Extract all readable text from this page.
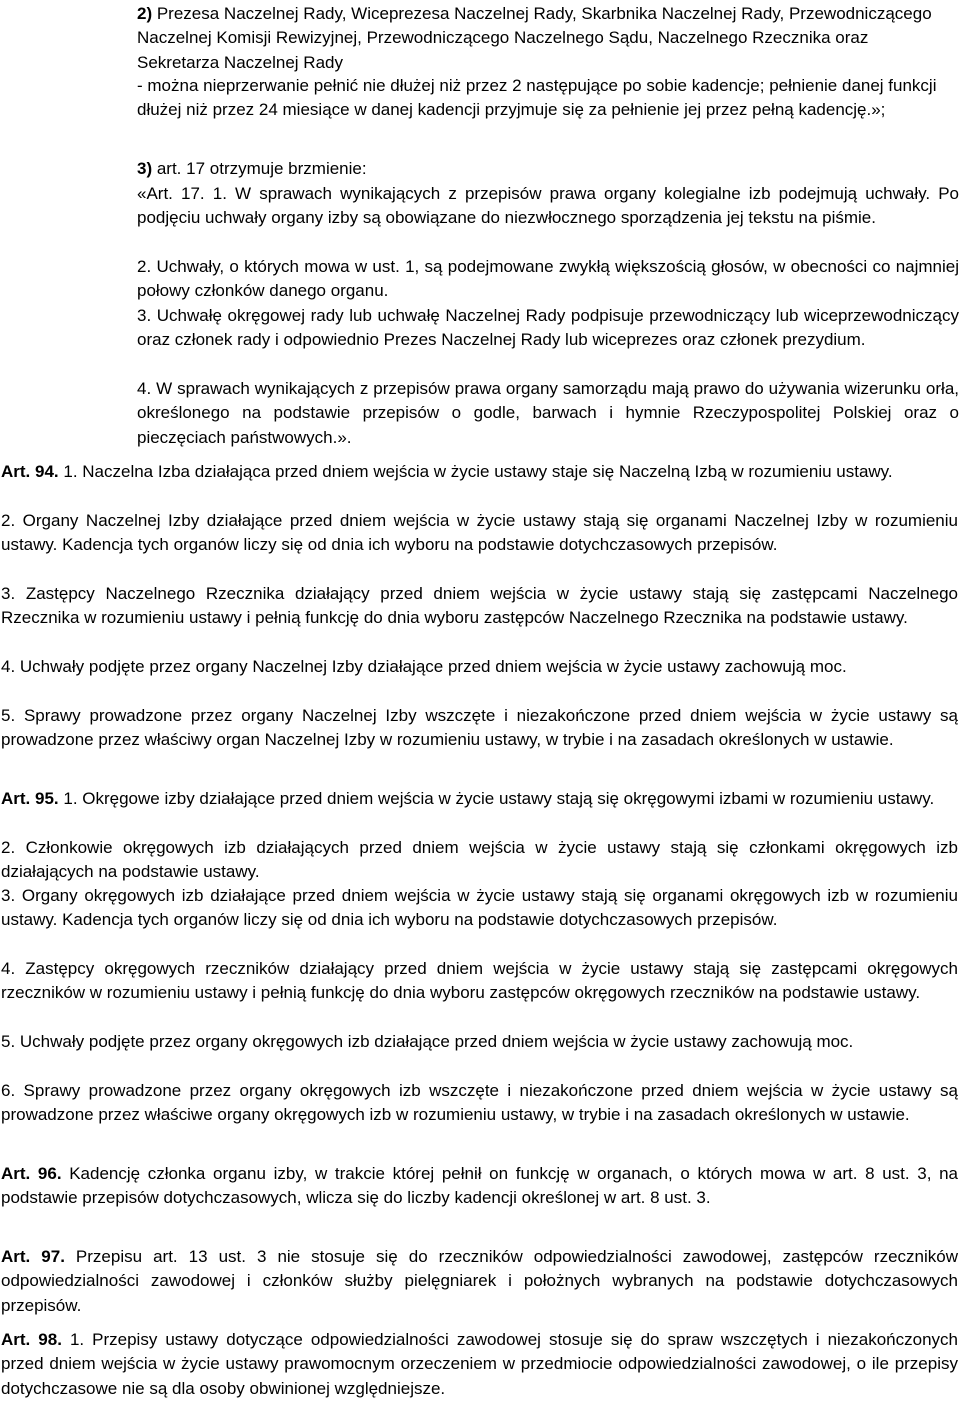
2) Prezesa Naczelnej Rady, Wiceprezesa Naczelnej Rady, Skarbnika Naczelnej Rady, Przewodniczącego Naczelnej Komisji Rewizyjnej, Przewodniczącego Naczelnego Sądu, Naczelnego Rzecznika oraz Sekretarza Naczelnej Rady

- można nieprzerwanie pełnić nie dłużej niż przez 2 następujące po sobie kadencje; pełnienie danej funkcji dłużej niż przez 24 miesiące w danej kadencji przyjmuje się za pełnienie jej przez pełną kadencję.»;

3) art. 17 otrzymuje brzmienie:

«Art. 17. 1. W sprawach wynikających z przepisów prawa organy kolegialne izb podejmują uchwały. Po podjęciu uchwały organy izby są obowiązane do niezwłocznego sporządzenia jej tekstu na piśmie.

2. Uchwały, o których mowa w ust. 1, są podejmowane zwykłą większością głosów, w obecności co najmniej połowy członków danego organu.

3. Uchwałę okręgowej rady lub uchwałę Naczelnej Rady podpisuje przewodniczący lub wiceprzewodniczący oraz członek rady i odpowiednio Prezes Naczelnej Rady lub wiceprezes oraz członek prezydium.

4. W sprawach wynikających z przepisów prawa organy samorządu mają prawo do używania wizerunku orła, określonego na podstawie przepisów o godle, barwach i hymnie Rzeczypospolitej Polskiej oraz o pieczęciach państwowych.».

Art. 94. 1. Naczelna Izba działająca przed dniem wejścia w życie ustawy staje się Naczelną Izbą w rozumieniu ustawy.

2. Organy Naczelnej Izby działające przed dniem wejścia w życie ustawy stają się organami Naczelnej Izby w rozumieniu ustawy. Kadencja tych organów liczy się od dnia ich wyboru na podstawie dotychczasowych przepisów.

3. Zastępcy Naczelnego Rzecznika działający przed dniem wejścia w życie ustawy stają się zastępcami Naczelnego Rzecznika w rozumieniu ustawy i pełnią funkcję do dnia wyboru zastępców Naczelnego Rzecznika na podstawie ustawy.

4. Uchwały podjęte przez organy Naczelnej Izby działające przed dniem wejścia w życie ustawy zachowują moc.

5. Sprawy prowadzone przez organy Naczelnej Izby wszczęte i niezakończone przed dniem wejścia w życie ustawy są prowadzone przez właściwy organ Naczelnej Izby w rozumieniu ustawy, w trybie i na zasadach określonych w ustawie.

Art. 95. 1. Okręgowe izby działające przed dniem wejścia w życie ustawy stają się okręgowymi izbami w rozumieniu ustawy.

2. Członkowie okręgowych izb działających przed dniem wejścia w życie ustawy stają się członkami okręgowych izb działających na podstawie ustawy.

3. Organy okręgowych izb działające przed dniem wejścia w życie ustawy stają się organami okręgowych izb w rozumieniu ustawy. Kadencja tych organów liczy się od dnia ich wyboru na podstawie dotychczasowych przepisów.

4. Zastępcy okręgowych rzeczników działający przed dniem wejścia w życie ustawy stają się zastępcami okręgowych rzeczników w rozumieniu ustawy i pełnią funkcję do dnia wyboru zastępców okręgowych rzeczników na podstawie ustawy.

5. Uchwały podjęte przez organy okręgowych izb działające przed dniem wejścia w życie ustawy zachowują moc.

6. Sprawy prowadzone przez organy okręgowych izb wszczęte i niezakończone przed dniem wejścia w życie ustawy są prowadzone przez właściwe organy okręgowych izb w rozumieniu ustawy, w trybie i na zasadach określonych w ustawie.

Art. 96. Kadencję członka organu izby, w trakcie której pełnił on funkcję w organach, o których mowa w art. 8 ust. 3, na podstawie przepisów dotychczasowych, wlicza się do liczby kadencji określonej w art. 8 ust. 3.

Art. 97. Przepisu art. 13 ust. 3 nie stosuje się do rzeczników odpowiedzialności zawodowej, zastępców rzeczników odpowiedzialności zawodowej i członków służby pielęgniarek i położnych wybranych na podstawie dotychczasowych przepisów.

Art. 98. 1. Przepisy ustawy dotyczące odpowiedzialności zawodowej stosuje się do spraw wszczętych i niezakończonych przed dniem wejścia w życie ustawy prawomocnym orzeczeniem w przedmiocie odpowiedzialności zawodowej, o ile przepisy dotychczasowe nie są dla osoby obwinionej względniejsze.
